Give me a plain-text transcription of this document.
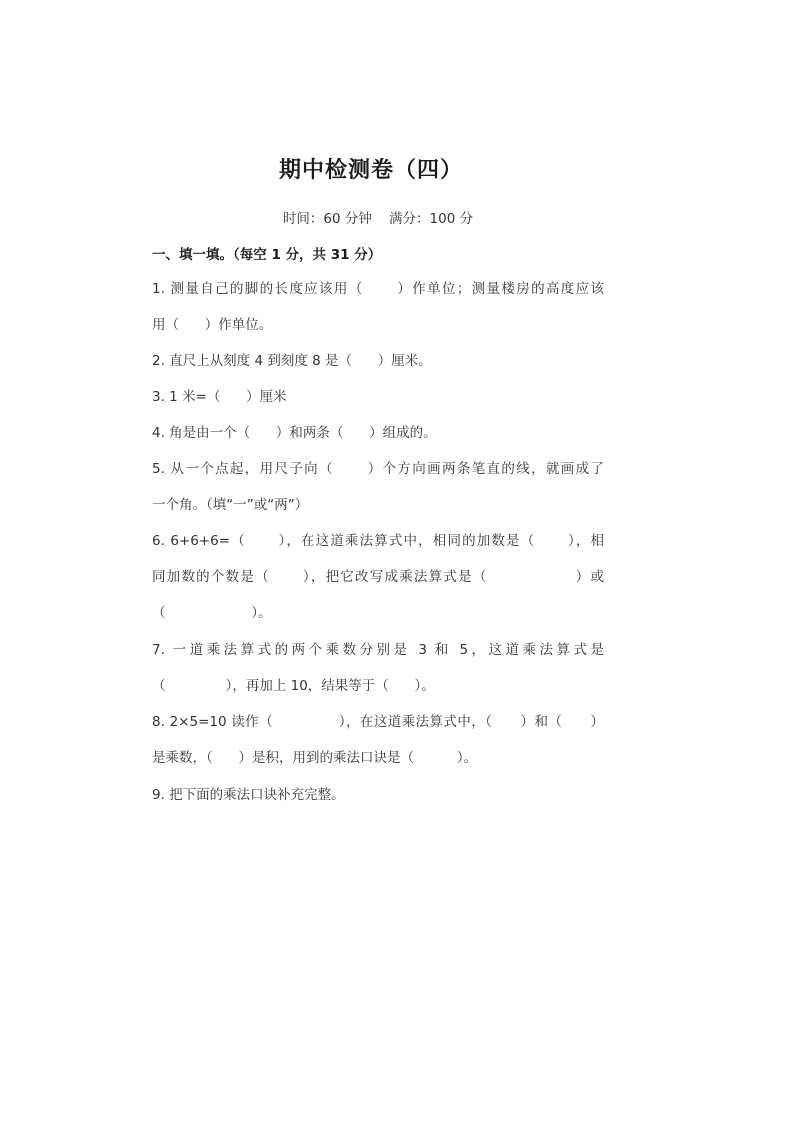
期中检测卷（四）
时间：60 分钟    满分：100 分
一、填一填。（每空 1 分，共 31 分）
1. 测量自己的脚的长度应该用（      ）作单位；测量楼房的高度应该
用（      ）作单位。
2. 直尺上从刻度 4 到刻度 8 是（      ）厘米。
3. 1 米=（      ）厘米
4. 角是由一个（      ）和两条（      ）组成的。
5. 从一个点起，用尺子向（      ）个方向画两条笔直的线，就画成了
一个角。（填“一”或“两”）
6. 6+6+6=（      ），在这道乘法算式中，相同的加数是（      ），相
同加数的个数是（      ），把它改写成乘法算式是（                ）或
（                    ）。
7. 一道乘法算式的两个乘数分别是 3 和 5，这道乘法算式是
（              ），再加上 10，结果等于（      ）。
8. 2×5=10 读作（              ），在这道乘法算式中，（      ）和（      ）
是乘数，（      ）是积，用到的乘法口诀是（          ）。
9. 把下面的乘法口诀补充完整。
